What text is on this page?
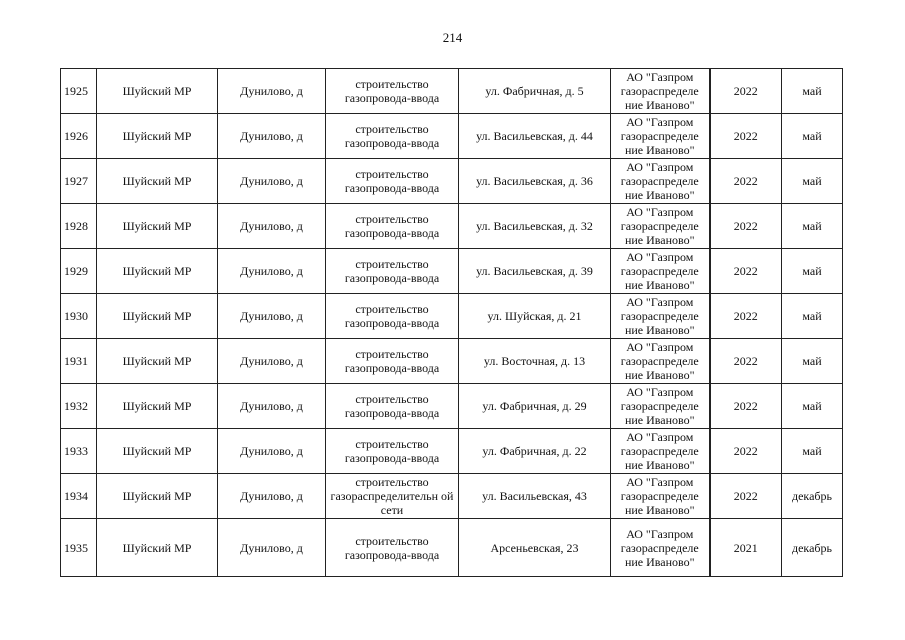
214
1925	Шуйский МР	Дунилово, д	строительство газопровода-ввода	ул. Фабричная, д. 5	АО "Газпром газораспределе ние Иваново"	2022	май
1926	Шуйский МР	Дунилово, д	строительство газопровода-ввода	ул. Васильевская, д. 44	АО "Газпром газораспределе ние Иваново"	2022	май
1927	Шуйский МР	Дунилово, д	строительство газопровода-ввода	ул. Васильевская, д. 36	АО "Газпром газораспределе ние Иваново"	2022	май
1928	Шуйский МР	Дунилово, д	строительство газопровода-ввода	ул. Васильевская, д. 32	АО "Газпром газораспределе ние Иваново"	2022	май
1929	Шуйский МР	Дунилово, д	строительство газопровода-ввода	ул. Васильевская, д. 39	АО "Газпром газораспределе ние Иваново"	2022	май
1930	Шуйский МР	Дунилово, д	строительство газопровода-ввода	ул. Шуйская, д. 21	АО "Газпром газораспределе ние Иваново"	2022	май
1931	Шуйский МР	Дунилово, д	строительство газопровода-ввода	ул. Восточная, д. 13	АО "Газпром газораспределе ние Иваново"	2022	май
1932	Шуйский МР	Дунилово, д	строительство газопровода-ввода	ул. Фабричная, д. 29	АО "Газпром газораспределе ние Иваново"	2022	май
1933	Шуйский МР	Дунилово, д	строительство газопровода-ввода	ул. Фабричная, д. 22	АО "Газпром газораспределе ние Иваново"	2022	май
1934	Шуйский МР	Дунилово, д	строительство газораспределительн ой сети	ул. Васильевская, 43	АО "Газпром газораспределе ние Иваново"	2022	декабрь
1935	Шуйский МР	Дунилово, д	строительство газопровода-ввода	Арсеньевская, 23	АО "Газпром газораспределе ние Иваново"	2021	декабрь
